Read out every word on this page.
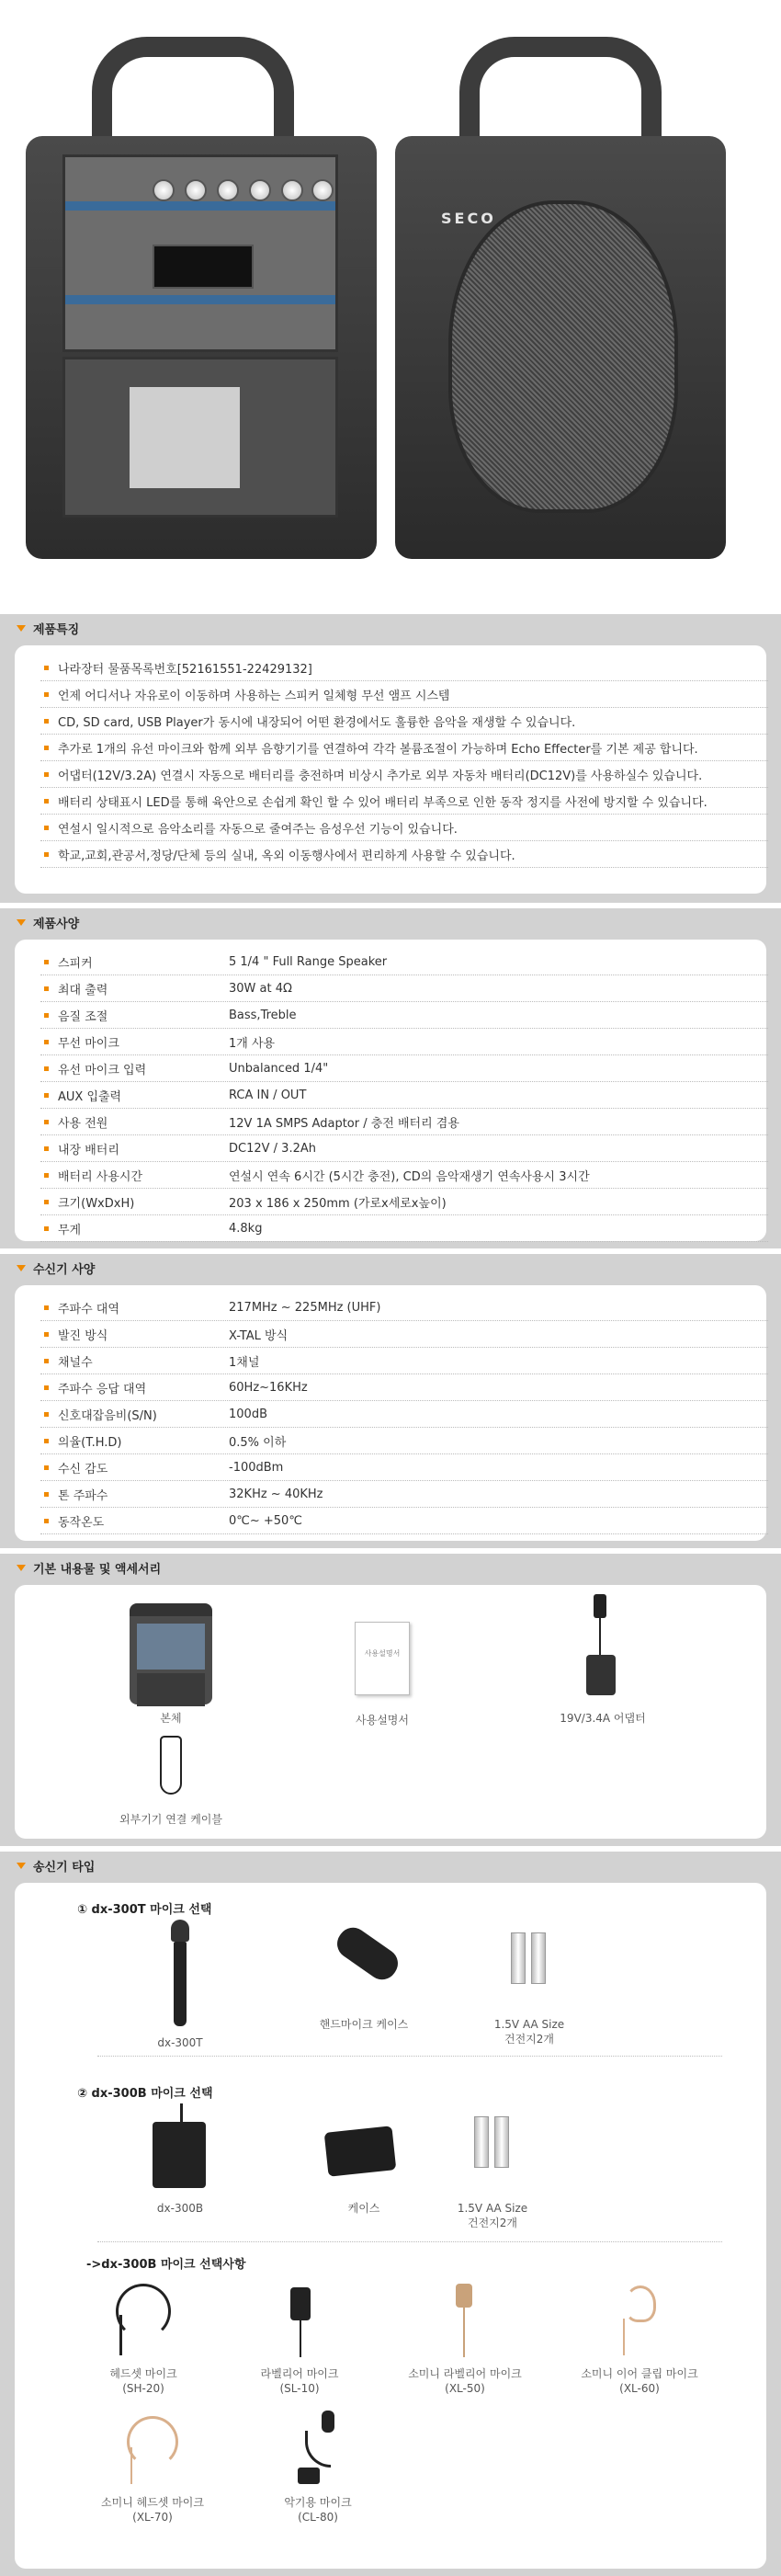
SECO
제품특징
나라장터 물품목록번호[52161551-22429132]
언제 어디서나 자유로이 이동하며 사용하는 스피커 일체형 무선 앰프 시스템
CD, SD card, USB Player가 동시에 내장되어 어떤 환경에서도 훌륭한 음악을 재생할 수 있습니다.
추가로 1개의 유선 마이크와 함께 외부 음향기기를 연결하여 각각 볼륨조절이 가능하며 Echo Effecter를 기본 제공 합니다.
어댑터(12V/3.2A) 연결시 자동으로 배터리를 충전하며 비상시 추가로 외부 자동차 배터리(DC12V)를 사용하실수 있습니다.
배터리 상태표시 LED를 통해 육안으로 손쉽게 확인 할 수 있어 배터리 부족으로 인한 동작 정지를 사전에 방지할 수 있습니다.
연설시 일시적으로 음악소리를 자동으로 줄여주는 음성우선 기능이 있습니다.
학교,교회,관공서,정당/단체 등의 실내, 옥외 이동행사에서 편리하게 사용할 수 있습니다.
제품사양
스피커	5 1/4 " Full Range Speaker
최대 출력	30W at 4Ω
음질 조절	Bass,Treble
무선 마이크	1개 사용
유선 마이크 입력	Unbalanced 1/4"
AUX 입출력	RCA IN / OUT
사용 전원	12V 1A SMPS Adaptor / 충전 배터리 겸용
내장 배터리	DC12V / 3.2Ah
배터리 사용시간	연설시 연속 6시간 (5시간 충전), CD의 음악재생기 연속사용시 3시간
크기(WxDxH)	203 x 186 x 250mm (가로x세로x높이)
무게	4.8kg
수신기 사양
주파수 대역	217MHz ~ 225MHz (UHF)
발진 방식	X-TAL 방식
채널수	1채널
주파수 응답 대역	60Hz~16KHz
신호대잡음비(S/N)	100dB
의율(T.H.D)	0.5% 이하
수신 감도	-100dBm
톤 주파수	32KHz ~ 40KHz
동작온도	0℃~ +50℃
기본 내용물 및 액세서리
본체
사용설명서
사용설명서	19V/3.4A 어댑터
외부기기 연결 케이블
송신기 타입
① dx-300T 마이크 선택
dx-300T
핸드마이크 케이스	1.5V AA Size
건전지2개
② dx-300B 마이크 선택
dx-300B	케이스	1.5V AA Size
건전지2개
->dx-300B 마이크 선택사항
헤드셋 마이크
(SH-20)
라벨리어 마이크
(SL-10)
소미니 라벨리어 마이크
(XL-50)
소미니 이어 클립 마이크
(XL-60)
소미니 헤드셋 마이크
(XL-70)
악기용 마이크
(CL-80)
